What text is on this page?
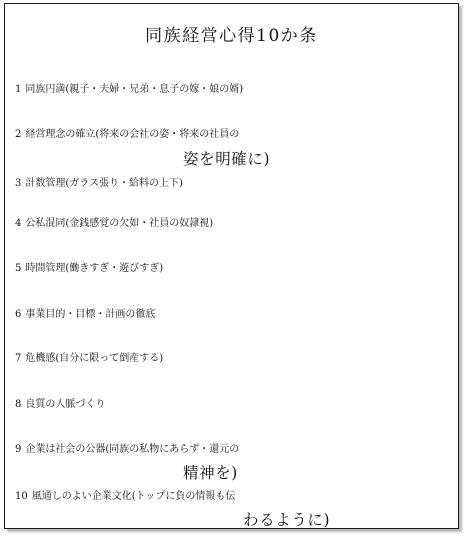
同族経営心得10か条
1 同族円満(親子・夫婦・兄弟・息子の嫁・娘の婿)
2 経営理念の確立(将来の会社の姿・将来の社員の
姿を明確に)
3 計数管理(ガラス張り・給料の上下)
4 公私混同(金銭感覚の欠如・社員の奴隷視)
5 時間管理(働きすぎ・遊びすぎ)
6 事業目的・目標・計画の徹底
7 危機感(自分に限って倒産する)
8 良質の人脈づくり
9 企業は社会の公器(同族の私物にあらず・還元の
精神を)
10 風通しのよい企業文化(トップに負の情報も伝
わるように)
